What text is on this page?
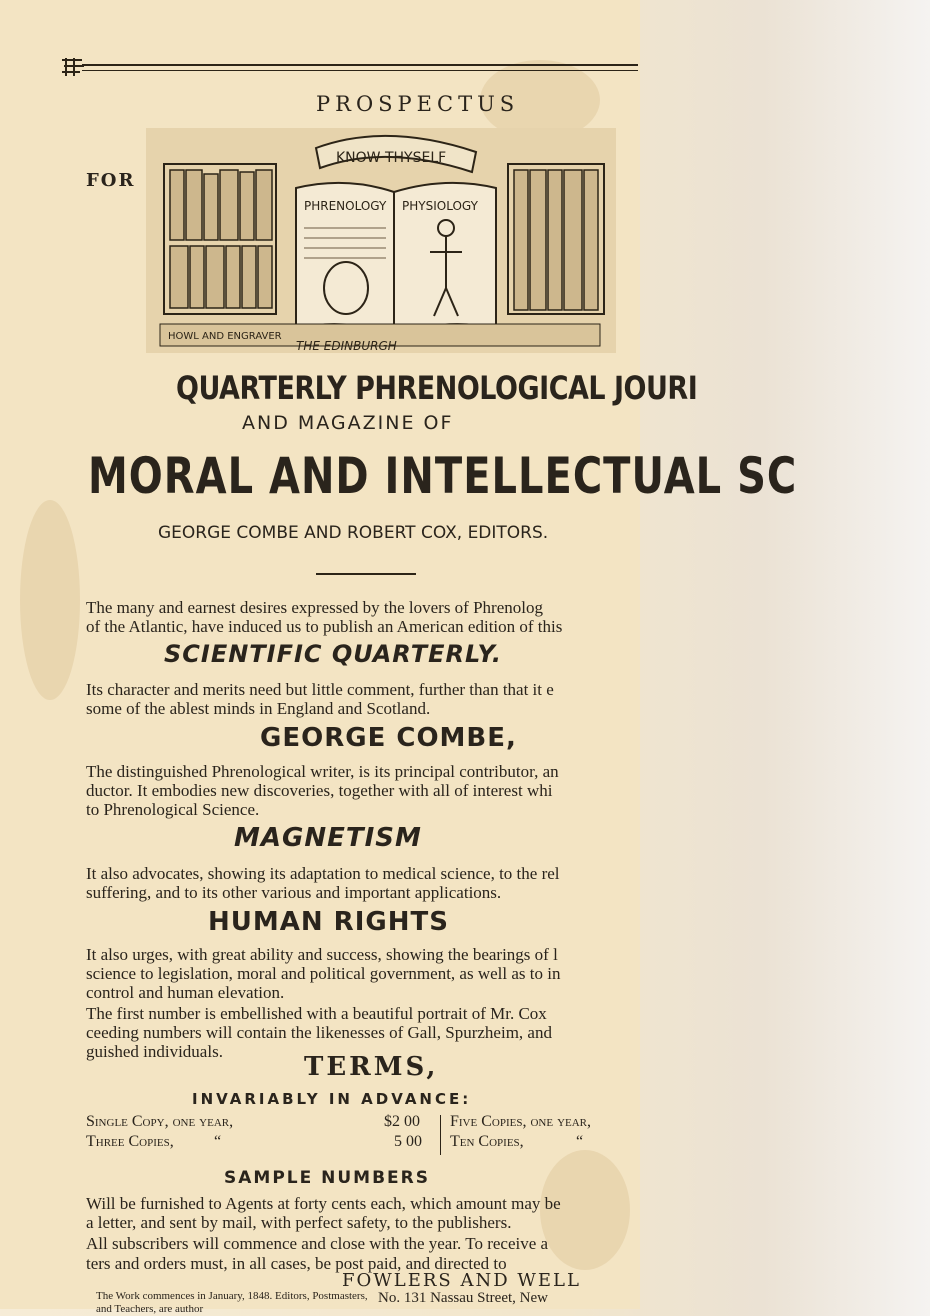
PROSPECTUS
FOR
KNOW THYSELF
PHRENOLOGY PHYSIOLOGY
HOWL AND ENGRAVER
THE EDINBURGH
QUARTERLY PHRENOLOGICAL JOURI
AND MAGAZINE OF
MORAL AND INTELLECTUAL SC
GEORGE COMBE AND ROBERT COX, EDITORS.
The many and earnest desires expressed by the lovers of Phrenolog
of the Atlantic, have induced us to publish an American edition of this
SCIENTIFIC QUARTERLY.
Its character and merits need but little comment, further than that it e
some of the ablest minds in England and Scotland.
GEORGE COMBE,
The distinguished Phrenological writer, is its principal contributor, an
ductor. It embodies new discoveries, together with all of interest whi
to Phrenological Science.
MAGNETISM
It also advocates, showing its adaptation to medical science, to the rel
suffering, and to its other various and important applications.
HUMAN RIGHTS
It also urges, with great ability and success, showing the bearings of l
science to legislation, moral and political government, as well as to in
control and human elevation.
The first number is embellished with a beautiful portrait of Mr. Cox
ceeding numbers will contain the likenesses of Gall, Spurzheim, and
guished individuals.
TERMS,
INVARIABLY IN ADVANCE:
Single Copy, one year,
Three Copies,	“
$2 00
5 00
Five Copies, one year,
Ten Copies,	“
SAMPLE NUMBERS
Will be furnished to Agents at forty cents each, which amount may be
a letter, and sent by mail, with perfect safety, to the publishers.
All subscribers will commence and close with the year. To receive a
ters and orders must, in all cases, be post paid, and directed to
FOWLERS AND WELL
No. 131 Nassau Street, New
The Work commences in January, 1848. Editors, Postmasters, and Teachers, are author
